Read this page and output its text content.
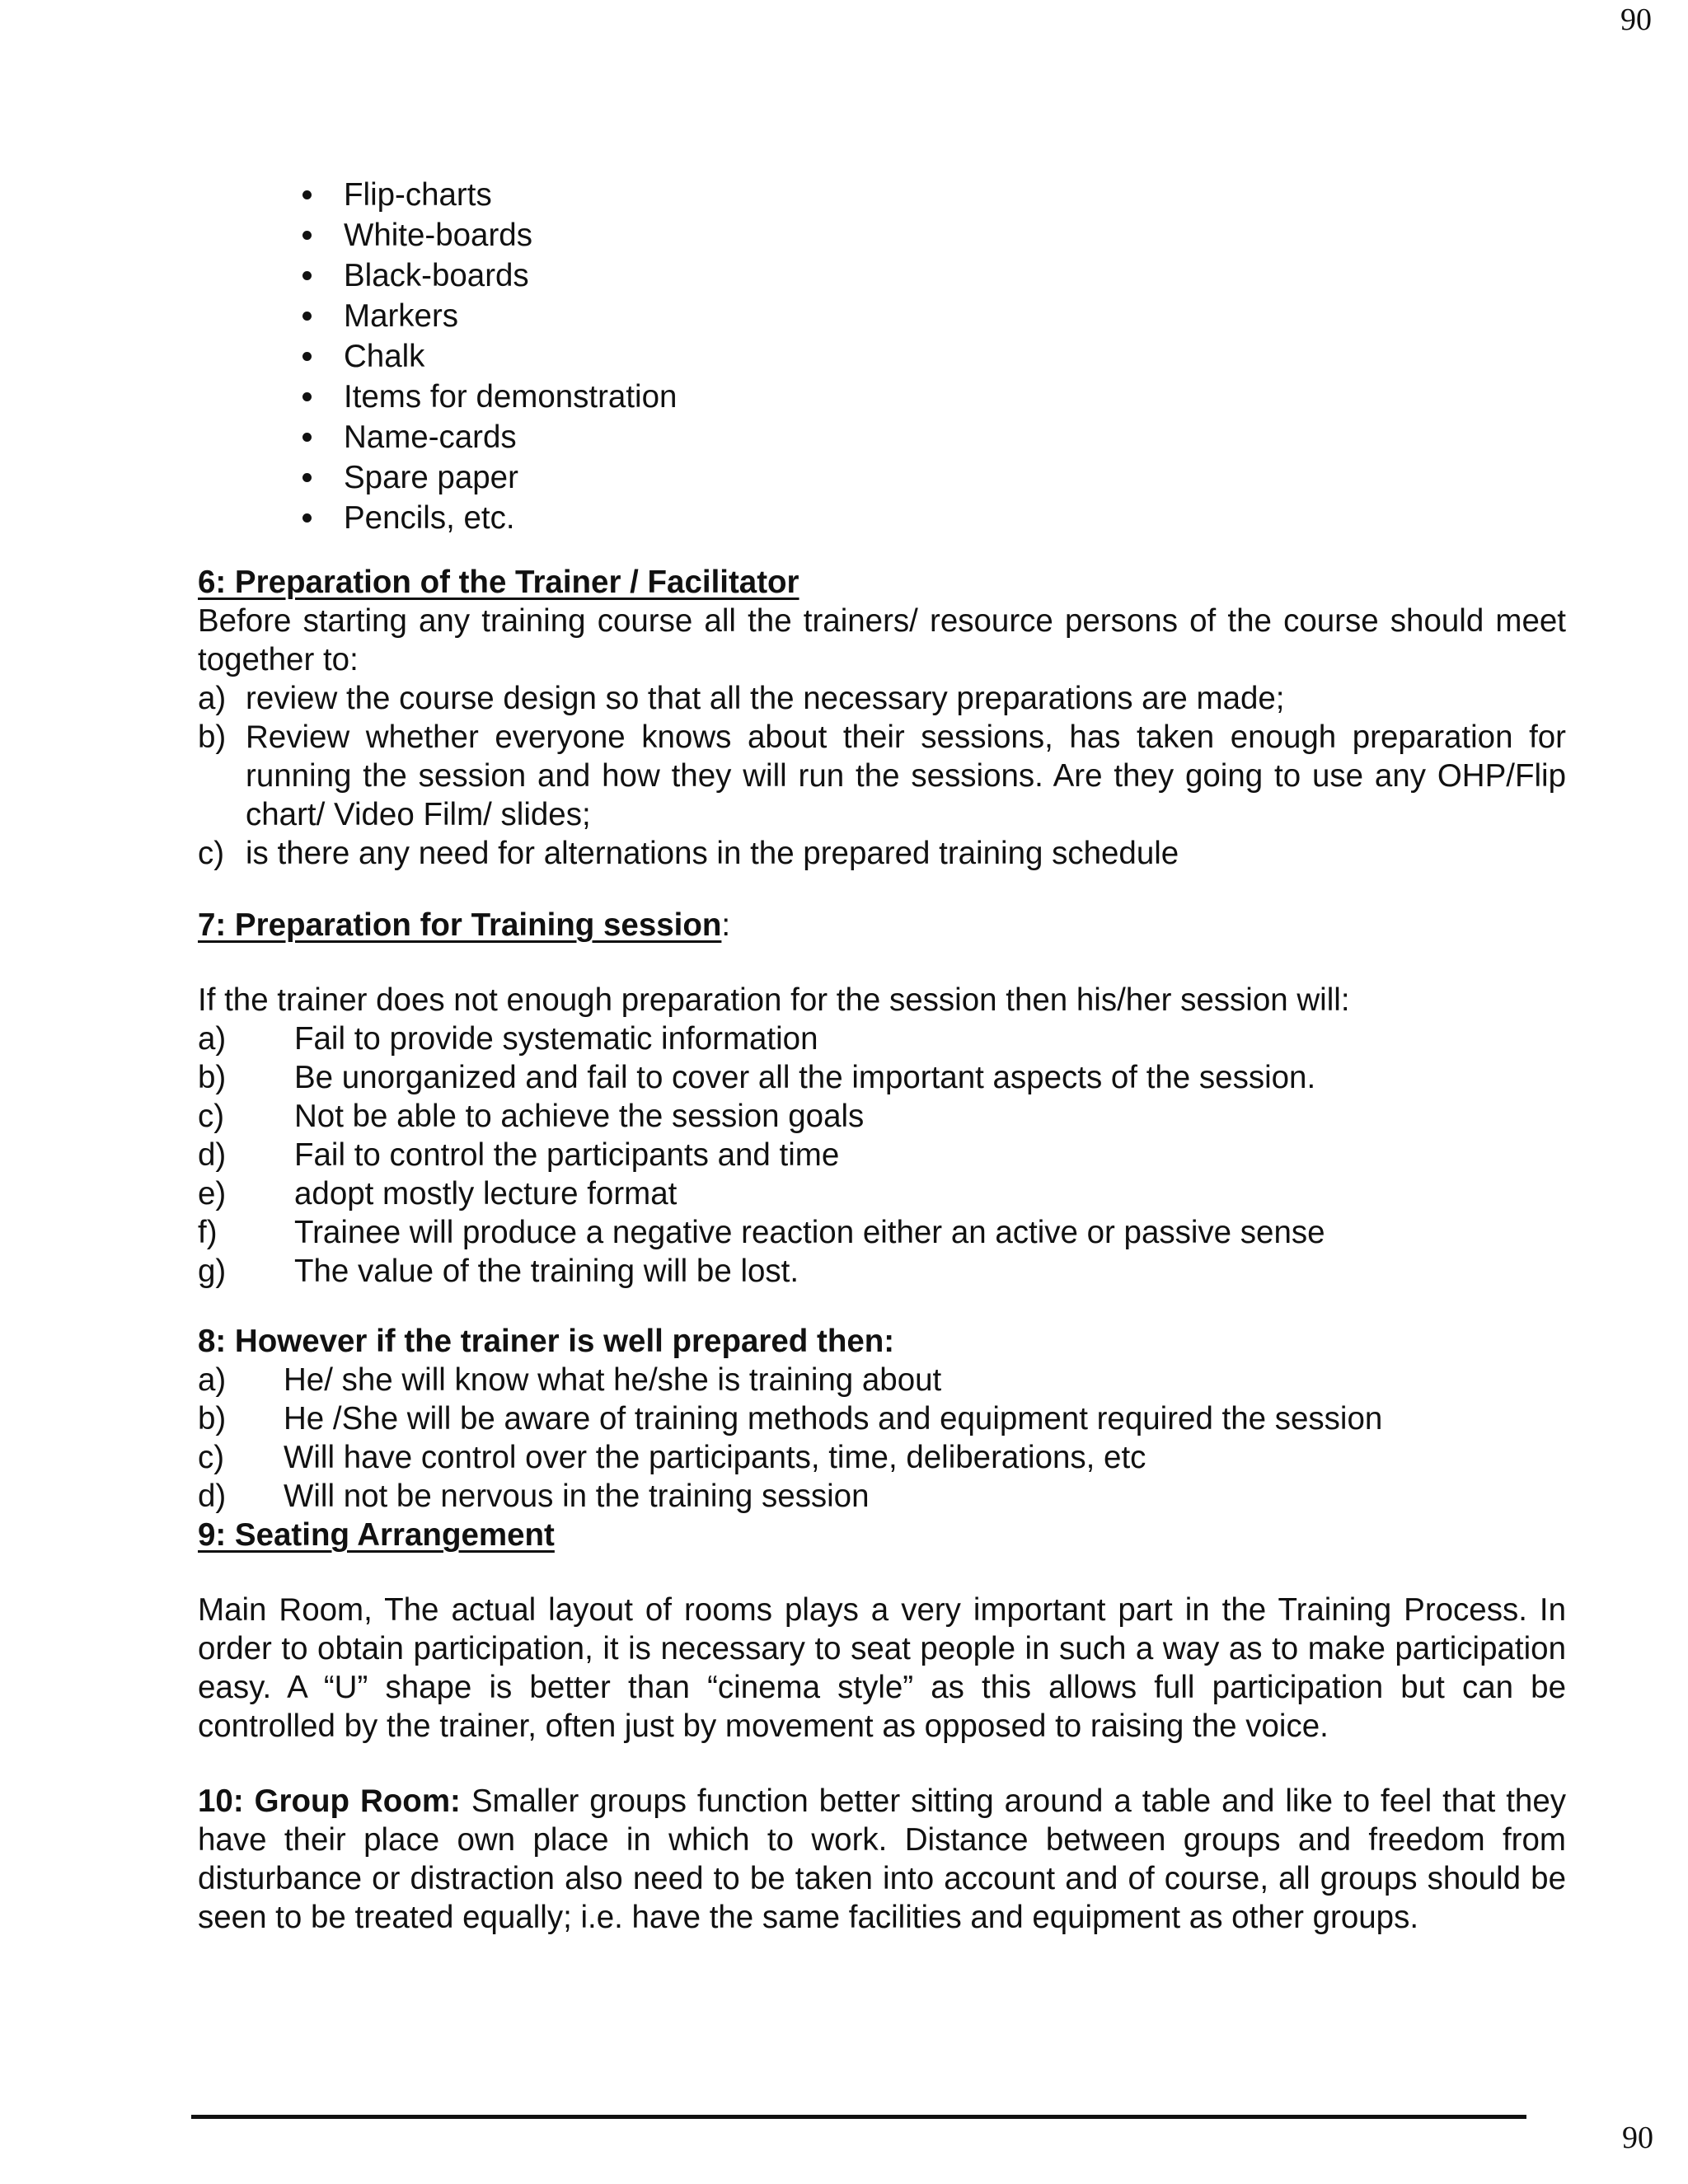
90
Flip-charts
White-boards
Black-boards
Markers
Chalk
Items for demonstration
Name-cards
Spare paper
Pencils, etc.
6: Preparation of the Trainer / Facilitator

Before starting any training course all the trainers/ resource persons of the course should meet together to:

a) review the course design so that all the necessary preparations are made;
b) Review whether everyone knows about their sessions, has taken enough preparation for running the session and how they will run the sessions. Are they going to use any OHP/Flip chart/ Video Film/ slides;
c) is there any need for alternations in the prepared training schedule
7: Preparation for Training session:

If the trainer does not enough preparation for the session then his/her session will:

a) Fail to provide systematic information
b) Be unorganized and fail to cover all the important aspects of the session.
c) Not be able to achieve the session goals
d) Fail to control the participants and time
e) adopt mostly lecture format
f) Trainee will produce a negative reaction either an active or passive sense
g) The value of the training will be lost.
8: However if the trainer is well prepared then:
a) He/ she will know what he/she is training about
b) He /She will be aware of training methods and equipment required the session
c) Will have control over the participants, time, deliberations, etc
d) Will not be nervous in the training session
9: Seating Arrangement

Main Room, The actual layout of rooms plays a very important part in the Training Process. In order to obtain participation, it is necessary to seat people in such a way as to make participation easy. A “U” shape is better than “cinema style” as this allows full participation but can be controlled by the trainer, often just by movement as opposed to raising the voice.

10: Group Room: Smaller groups function better sitting around a table and like to feel that they have their place own place in which to work. Distance between groups and freedom from disturbance or distraction also need to be taken into account and of course, all groups should be seen to be treated equally; i.e. have the same facilities and equipment as other groups.

90
